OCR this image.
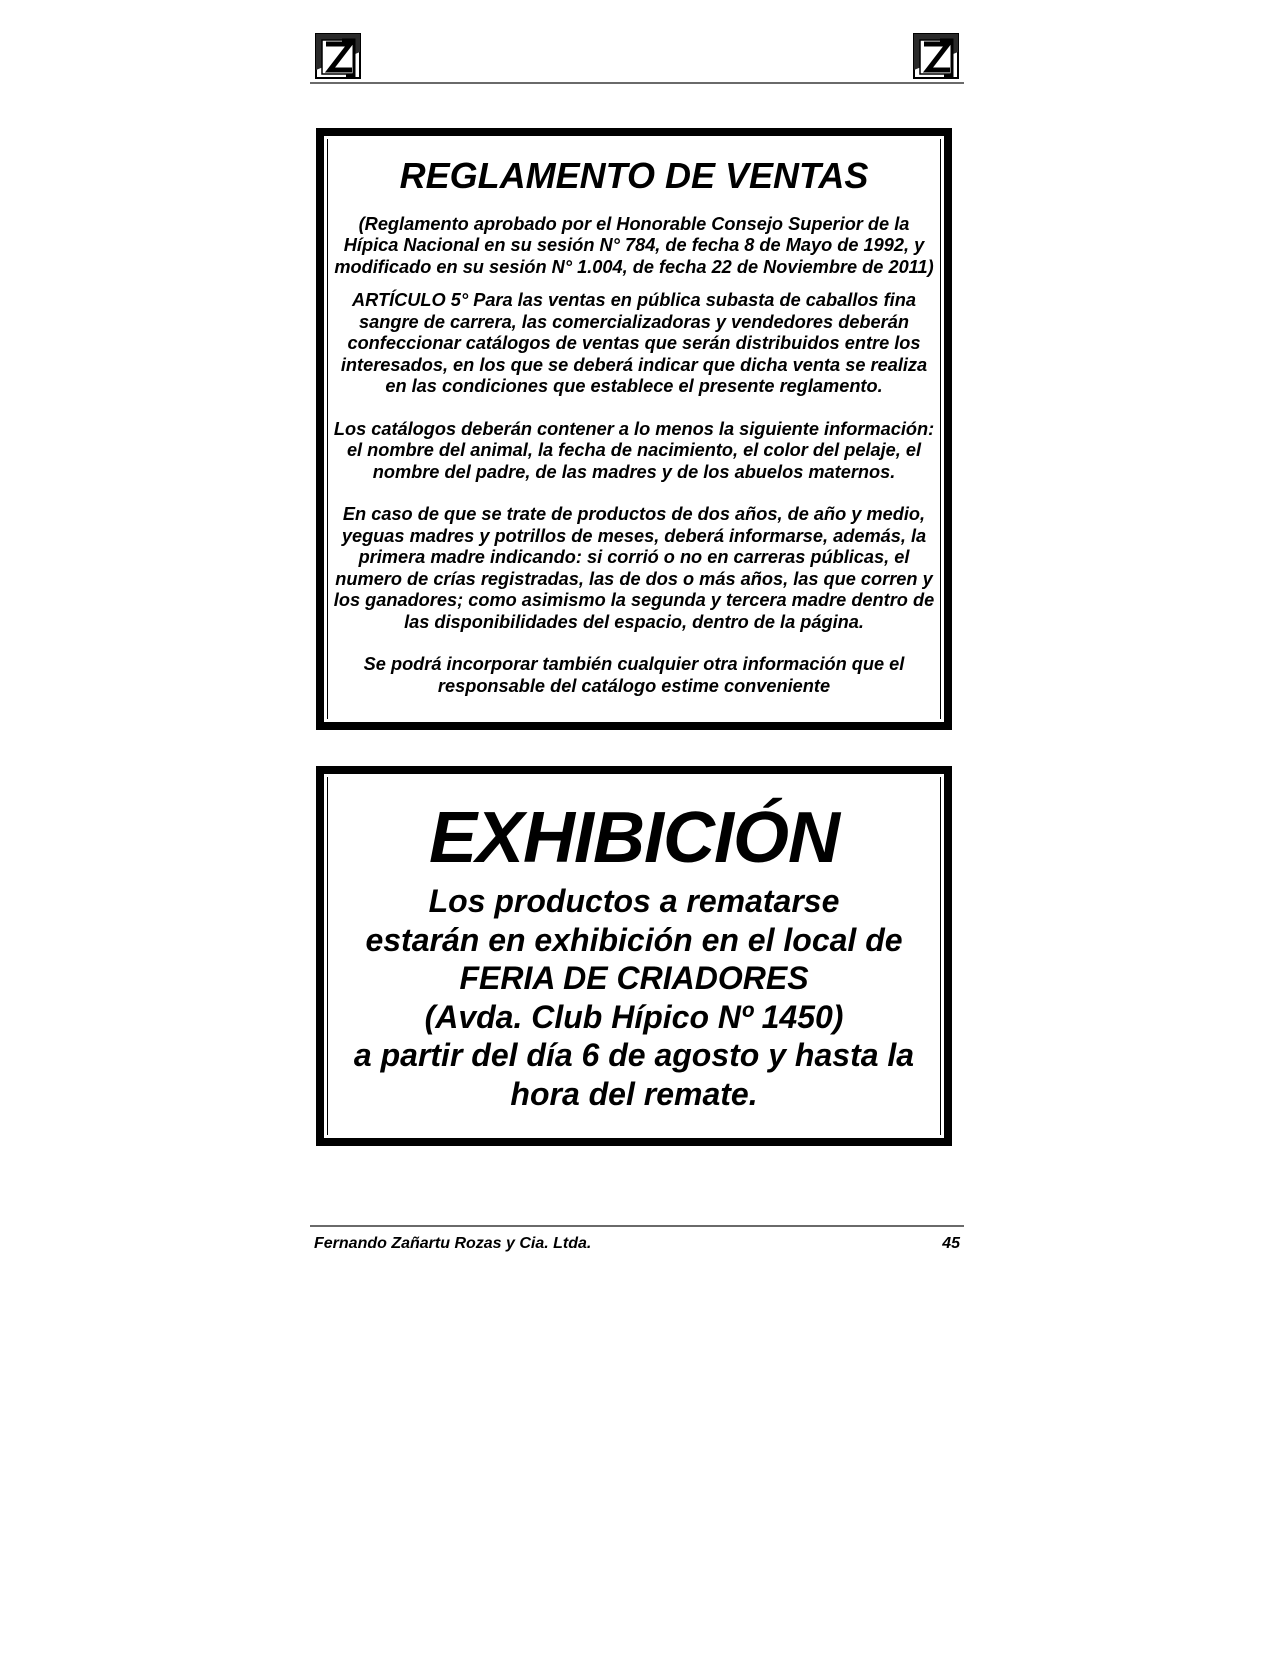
REGLAMENTO DE VENTAS

(Reglamento aprobado por el Honorable Consejo Superior de la Hípica Nacional en su sesión N° 784, de fecha 8 de Mayo de 1992, y modificado en su sesión N° 1.004, de fecha 22 de Noviembre de 2011)

ARTÍCULO 5° Para las ventas en pública subasta de caballos fina sangre de carrera, las comercializadoras y vendedores deberán confeccionar catálogos de ventas que serán distribuidos entre los interesados, en los que se deberá indicar que dicha venta se realiza en las condiciones que establece el presente reglamento.

Los catálogos deberán contener a lo menos la siguiente información: el nombre del animal, la fecha de nacimiento, el color del pelaje, el nombre del padre, de las madres y de los abuelos maternos.

En caso de que se trate de productos de dos años, de año y medio, yeguas madres y potrillos de meses, deberá informarse, además, la primera madre indicando: si corrió o no en carreras públicas, el numero de crías registradas, las de dos o más años, las que corren y los ganadores; como asimismo la segunda y tercera madre dentro de las disponibilidades del espacio, dentro de la página.

Se podrá incorporar también cualquier otra información que el responsable del catálogo estime conveniente

EXHIBICIÓN
Los productos a rematarse
estarán en exhibición en el local de
FERIA DE CRIADORES
(Avda. Club Hípico Nº 1450)
a partir del día 6 de agosto y hasta la
hora del remate.
Fernando Zañartu Rozas y Cia. Ltda.	45
